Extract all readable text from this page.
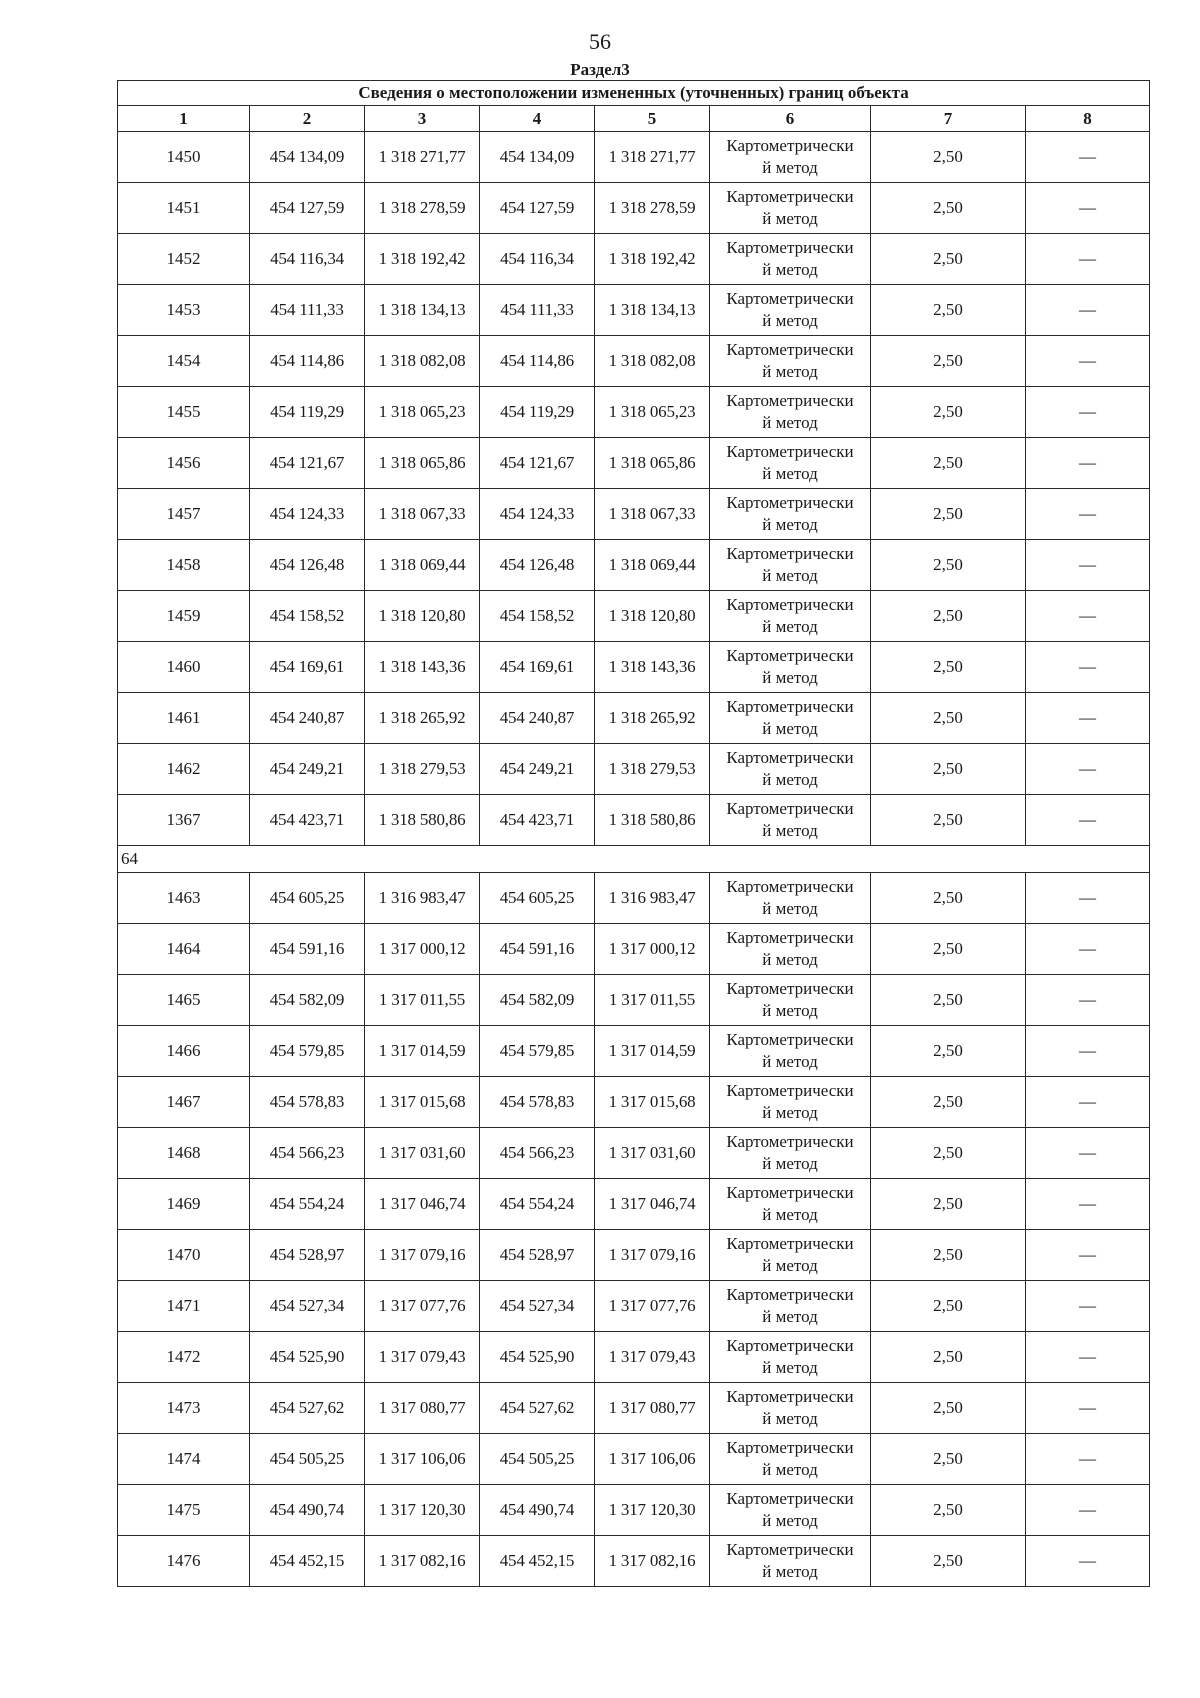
56
Раздел3
Сведения о местоположении измененных (уточненных) границ объекта							
1	2	3	4	5	6	7	8
1450	454 134,09	1 318 271,77	454 134,09	1 318 271,77	Картометрически
й метод	2,50	—
1451	454 127,59	1 318 278,59	454 127,59	1 318 278,59	Картометрически
й метод	2,50	—
1452	454 116,34	1 318 192,42	454 116,34	1 318 192,42	Картометрически
й метод	2,50	—
1453	454 111,33	1 318 134,13	454 111,33	1 318 134,13	Картометрически
й метод	2,50	—
1454	454 114,86	1 318 082,08	454 114,86	1 318 082,08	Картометрически
й метод	2,50	—
1455	454 119,29	1 318 065,23	454 119,29	1 318 065,23	Картометрически
й метод	2,50	—
1456	454 121,67	1 318 065,86	454 121,67	1 318 065,86	Картометрически
й метод	2,50	—
1457	454 124,33	1 318 067,33	454 124,33	1 318 067,33	Картометрически
й метод	2,50	—
1458	454 126,48	1 318 069,44	454 126,48	1 318 069,44	Картометрически
й метод	2,50	—
1459	454 158,52	1 318 120,80	454 158,52	1 318 120,80	Картометрически
й метод	2,50	—
1460	454 169,61	1 318 143,36	454 169,61	1 318 143,36	Картометрически
й метод	2,50	—
1461	454 240,87	1 318 265,92	454 240,87	1 318 265,92	Картометрически
й метод	2,50	—
1462	454 249,21	1 318 279,53	454 249,21	1 318 279,53	Картометрически
й метод	2,50	—
1367	454 423,71	1 318 580,86	454 423,71	1 318 580,86	Картометрически
й метод	2,50	—
64							
1463	454 605,25	1 316 983,47	454 605,25	1 316 983,47	Картометрически
й метод	2,50	—
1464	454 591,16	1 317 000,12	454 591,16	1 317 000,12	Картометрически
й метод	2,50	—
1465	454 582,09	1 317 011,55	454 582,09	1 317 011,55	Картометрически
й метод	2,50	—
1466	454 579,85	1 317 014,59	454 579,85	1 317 014,59	Картометрически
й метод	2,50	—
1467	454 578,83	1 317 015,68	454 578,83	1 317 015,68	Картометрически
й метод	2,50	—
1468	454 566,23	1 317 031,60	454 566,23	1 317 031,60	Картометрически
й метод	2,50	—
1469	454 554,24	1 317 046,74	454 554,24	1 317 046,74	Картометрически
й метод	2,50	—
1470	454 528,97	1 317 079,16	454 528,97	1 317 079,16	Картометрически
й метод	2,50	—
1471	454 527,34	1 317 077,76	454 527,34	1 317 077,76	Картометрически
й метод	2,50	—
1472	454 525,90	1 317 079,43	454 525,90	1 317 079,43	Картометрически
й метод	2,50	—
1473	454 527,62	1 317 080,77	454 527,62	1 317 080,77	Картометрически
й метод	2,50	—
1474	454 505,25	1 317 106,06	454 505,25	1 317 106,06	Картометрически
й метод	2,50	—
1475	454 490,74	1 317 120,30	454 490,74	1 317 120,30	Картометрически
й метод	2,50	—
1476	454 452,15	1 317 082,16	454 452,15	1 317 082,16	Картометрически
й метод	2,50	—
